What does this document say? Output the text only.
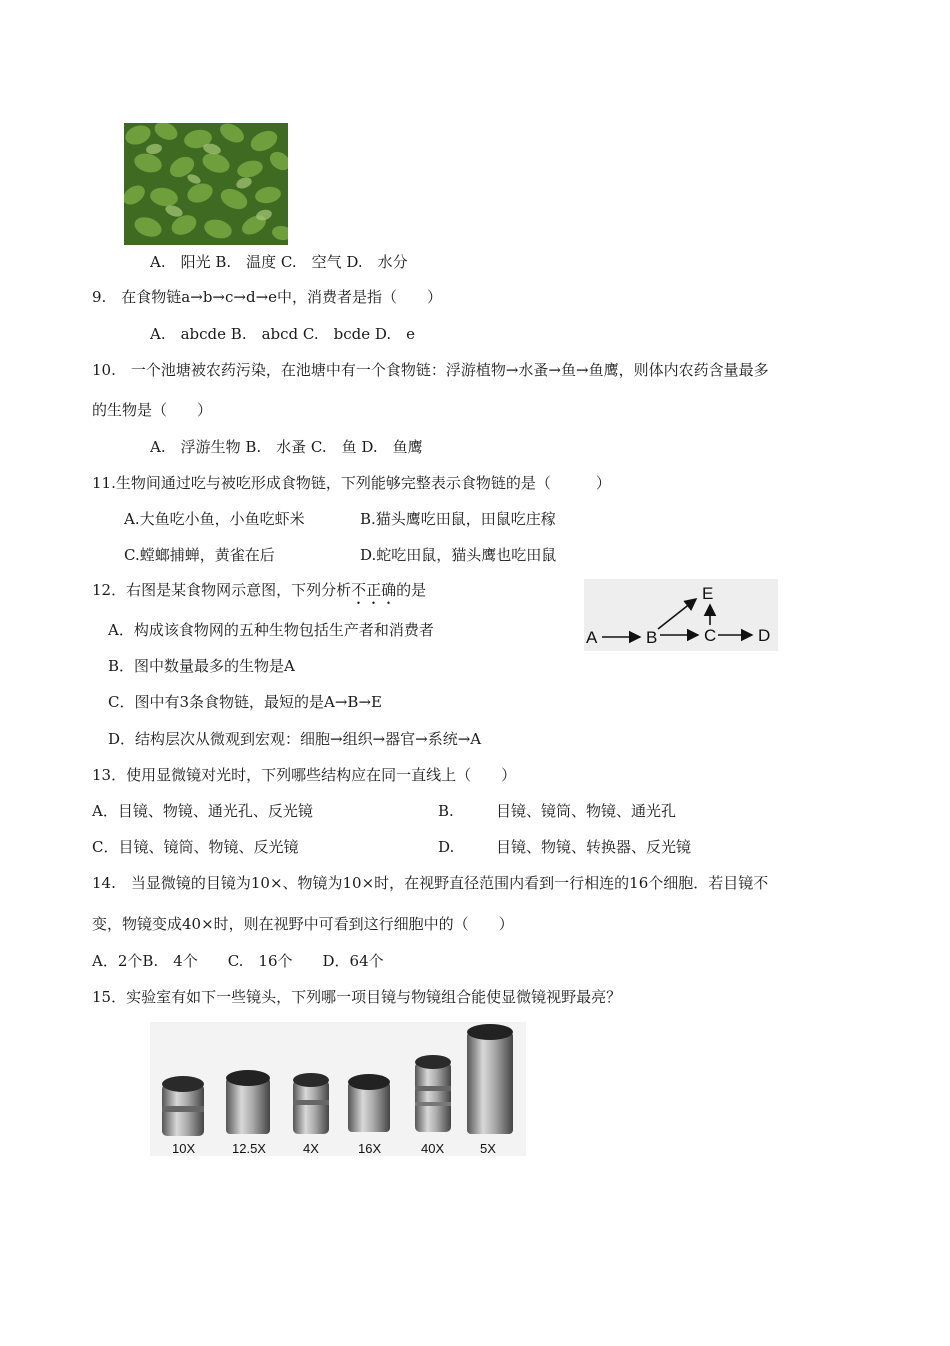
A.　阳光 B.　温度 C.　空气 D.　水分
9.　在食物链a→b→c→d→e中，消费者是指（　　）
A.　abcde B.　abcd C.　bcde D.　e
10.　一个池塘被农药污染，在池塘中有一个食物链：浮游植物→水蚤→鱼→鱼鹰，则体内农药含量最多
的生物是（　　）
A.　浮游生物 B.　水蚤 C.　鱼 D.　鱼鹰
11.生物间通过吃与被吃形成食物链，下列能够完整表示食物链的是（　　　）
A.大鱼吃小鱼，小鱼吃虾米	B.猫头鹰吃田鼠，田鼠吃庄稼
C.螳螂捕蝉，黄雀在后	D.蛇吃田鼠，猫头鹰也吃田鼠
12．右图是某食物网示意图，下列分析不正确的是
A．构成该食物网的五种生物包括生产者和消费者
B．图中数量最多的生物是A
C．图中有3条食物链，最短的是A→B→E
D．结构层次从微观到宏观：细胞→组织→器官→系统→A
A	B	C D
E
13．使用显微镜对光时，下列哪些结构应在同一直线上（　　）
A．目镜、物镜、通光孔、反光镜	B.	目镜、镜筒、物镜、通光孔
C．目镜、镜筒、物镜、反光镜	D.	目镜、物镜、转换器、反光镜
14.　当显微镜的目镜为10×、物镜为10×时，在视野直径范围内看到一行相连的16个细胞．若目镜不
变，物镜变成40×时，则在视野中可看到这行细胞中的（　　）
A．2个B.　4个　　C.　16个　　D．64个
15．实验室有如下一些镜头，下列哪一项目镜与物镜组合能使显微镜视野最亮？
10X	12.5X	4X	16X	40X	5X
